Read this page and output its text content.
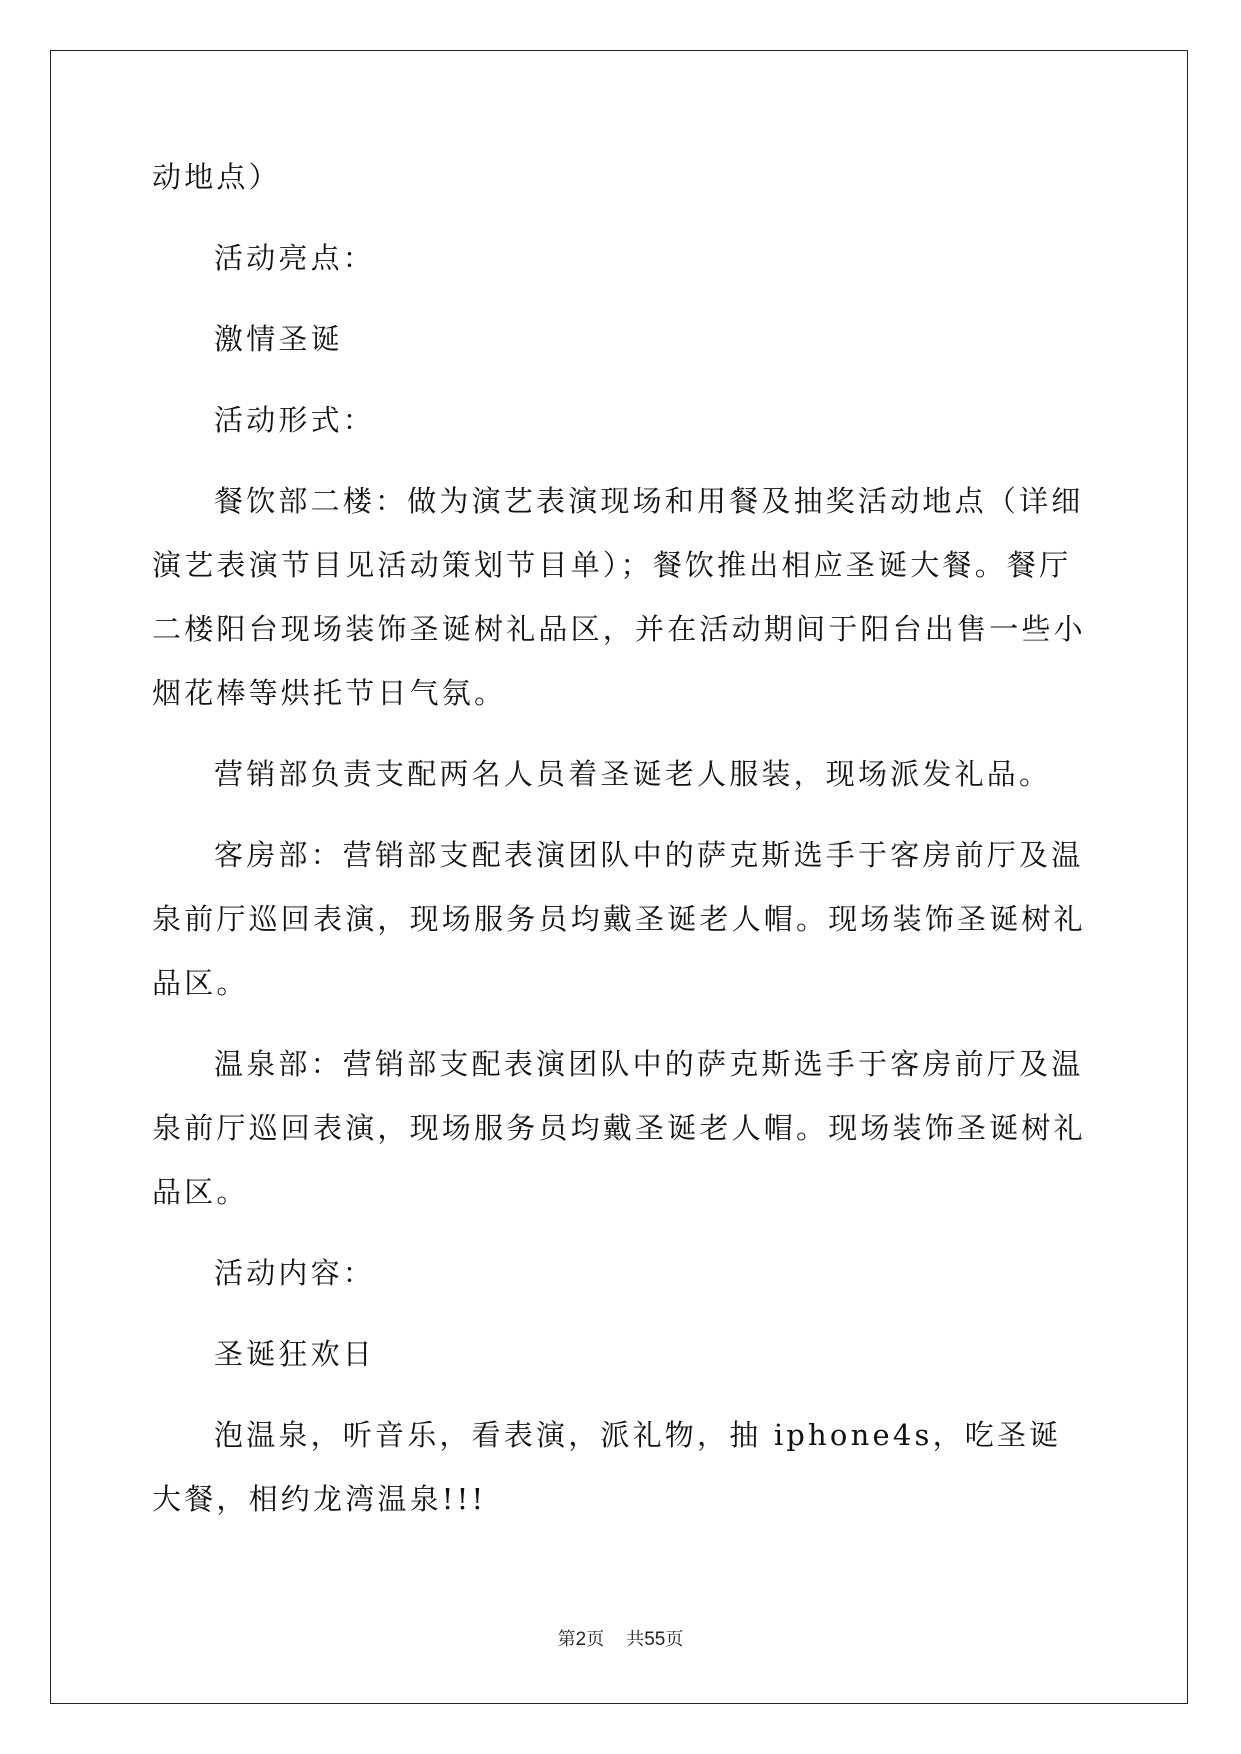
动地点）

活动亮点：

激情圣诞

活动形式：

餐饮部二楼：做为演艺表演现场和用餐及抽奖活动地点（详细演艺表演节目见活动策划节目单）；餐饮推出相应圣诞大餐。餐厅二楼阳台现场装饰圣诞树礼品区，并在活动期间于阳台出售一些小烟花棒等烘托节日气氛。

营销部负责支配两名人员着圣诞老人服装，现场派发礼品。

客房部：营销部支配表演团队中的萨克斯选手于客房前厅及温泉前厅巡回表演，现场服务员均戴圣诞老人帽。现场装饰圣诞树礼品区。

温泉部：营销部支配表演团队中的萨克斯选手于客房前厅及温泉前厅巡回表演，现场服务员均戴圣诞老人帽。现场装饰圣诞树礼品区。

活动内容：

圣诞狂欢日

泡温泉，听音乐，看表演，派礼物，抽 iphone4s，吃圣诞大餐，相约龙湾温泉!!!

第2页 共55页
